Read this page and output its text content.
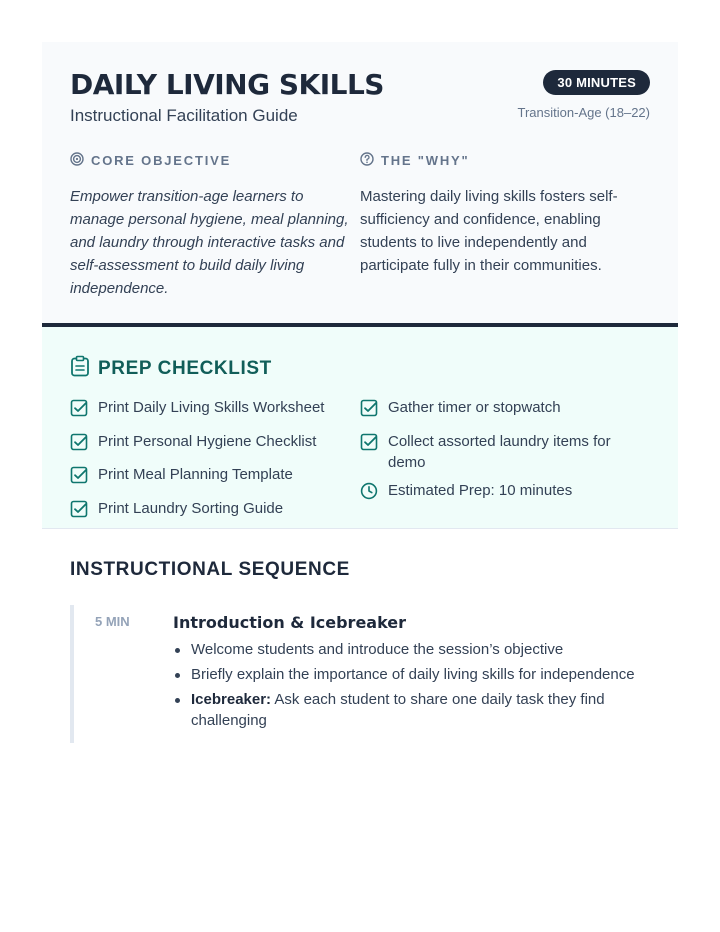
DAILY LIVING SKILLS
Instructional Facilitation Guide
30 MINUTES
Transition-Age (18–22)
CORE OBJECTIVE

Empower transition-age learners to manage personal hygiene, meal planning, and laundry through interactive tasks and self-assessment to build daily living independence.

THE "WHY"

Mastering daily living skills fosters self-sufficiency and confidence, enabling students to live independently and participate fully in their communities.

PREP CHECKLIST
Print Daily Living Skills Worksheet
Print Personal Hygiene Checklist
Print Meal Planning Template
Print Laundry Sorting Guide
Gather timer or stopwatch
Collect assorted laundry items for demo
Estimated Prep: 10 minutes
INSTRUCTIONAL SEQUENCE
5 MIN	Introduction & Icebreaker
Welcome students and introduce the session’s objective
Briefly explain the importance of daily living skills for independence
Icebreaker: Ask each student to share one daily task they find challenging
